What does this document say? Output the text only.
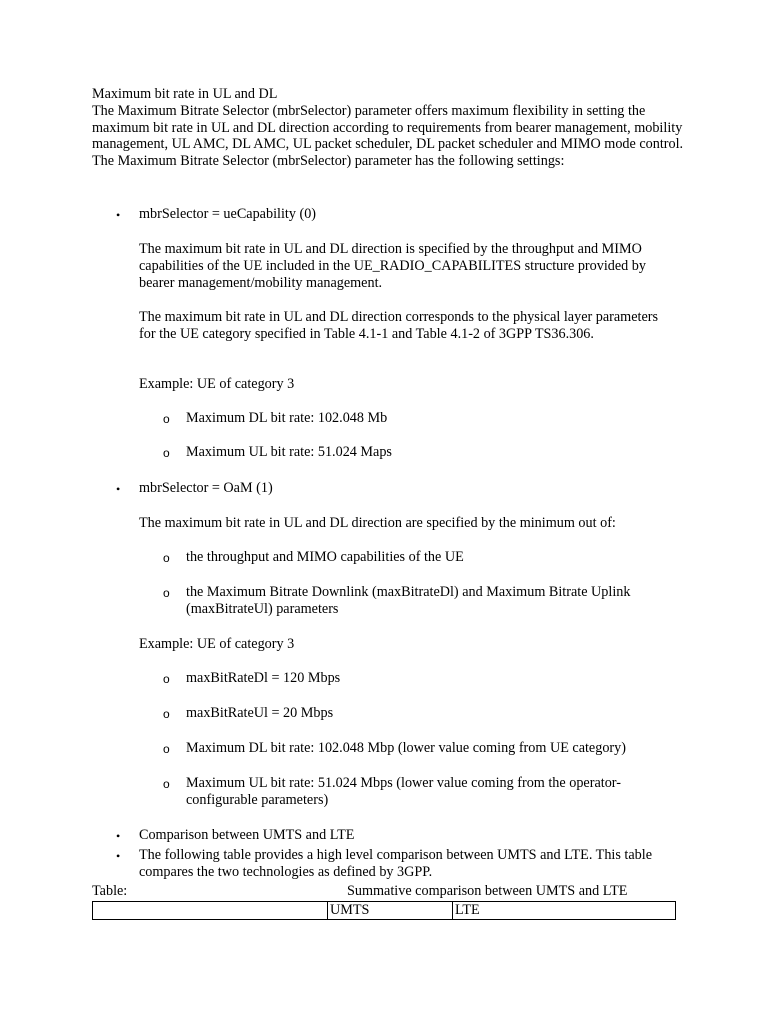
Maximum bit rate in UL and DL

The Maximum Bitrate Selector (mbrSelector) parameter offers maximum flexibility in setting the maximum bit rate in UL and DL direction according to requirements from bearer management, mobility management, UL AMC, DL AMC, UL packet scheduler, DL packet scheduler and MIMO mode control.

The Maximum Bitrate Selector (mbrSelector) parameter has the following settings:

• mbrSelector = ueCapability (0)
The maximum bit rate in UL and DL direction is specified by the throughput and MIMO capabilities of the UE included in the UE_RADIO_CAPABILITES structure provided by bearer management/mobility management.
The maximum bit rate in UL and DL direction corresponds to the physical layer parameters for the UE category specified in Table 4.1-1 and Table 4.1-2 of 3GPP TS36.306.
Example: UE of category 3
o Maximum DL bit rate: 102.048 Mb
o Maximum UL bit rate: 51.024 Maps
• mbrSelector = OaM (1)
The maximum bit rate in UL and DL direction are specified by the minimum out of:
o the throughput and MIMO capabilities of the UE
o the Maximum Bitrate Downlink (maxBitrateDl) and Maximum Bitrate Uplink (maxBitrateUl) parameters
Example: UE of category 3
o maxBitRateDl = 120 Mbps
o maxBitRateUl = 20 Mbps
o Maximum DL bit rate: 102.048 Mbp (lower value coming from UE category)
o Maximum UL bit rate: 51.024 Mbps (lower value coming from the operator-configurable parameters)
• Comparison between UMTS and LTE
• The following table provides a high level comparison between UMTS and LTE. This table compares the two technologies as defined by 3GPP.
Table:	Summative comparison between UMTS and LTE
	UMTS	LTE
